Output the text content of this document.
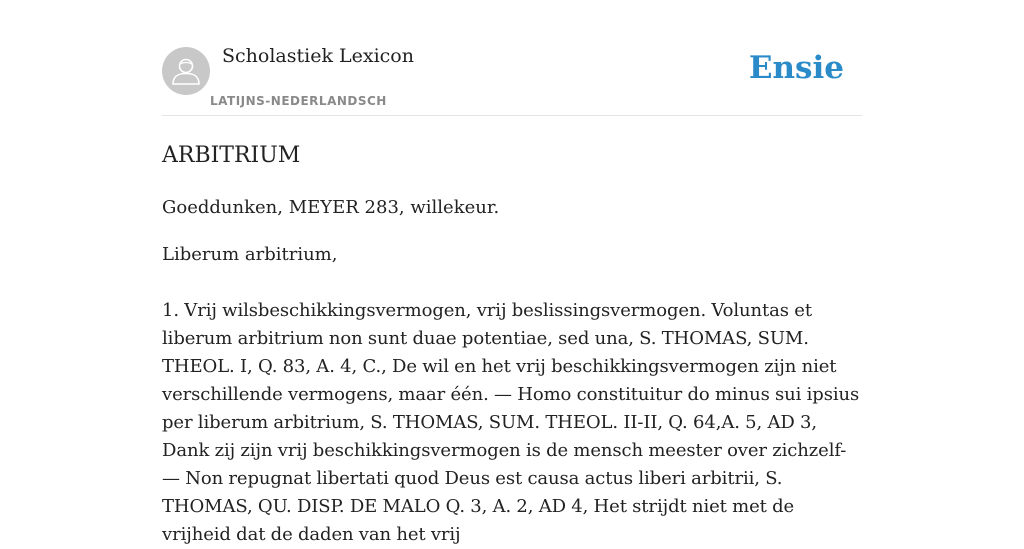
Scholastiek Lexicon
LATIJNS-NEDERLANDSCH
Ensie
ARBITRIUM

Goeddunken, MEYER 283, willekeur.

Liberum arbitrium,

1. Vrij wilsbeschikkingsvermogen, vrij beslissingsvermogen. Voluntas et liberum arbitrium non sunt duae potentiae, sed una, S. THOMAS, SUM. THEOL. I, Q. 83, A. 4, C., De wil en het vrij beschikkingsvermogen zijn niet verschillende vermogens, maar één. — Homo constituitur do minus sui ipsius per liberum arbitrium, S. THOMAS, SUM. THEOL. II-II, Q. 64,A. 5, AD 3, Dank zij zijn vrij beschikkingsvermogen is de mensch meester over zichzelf- — Non repugnat libertati quod Deus est causa actus liberi arbitrii, S. THOMAS, QU. DISP. DE MALO Q. 3, A. 2, AD 4, Het strijdt niet met de vrijheid dat de daden van het vrij
